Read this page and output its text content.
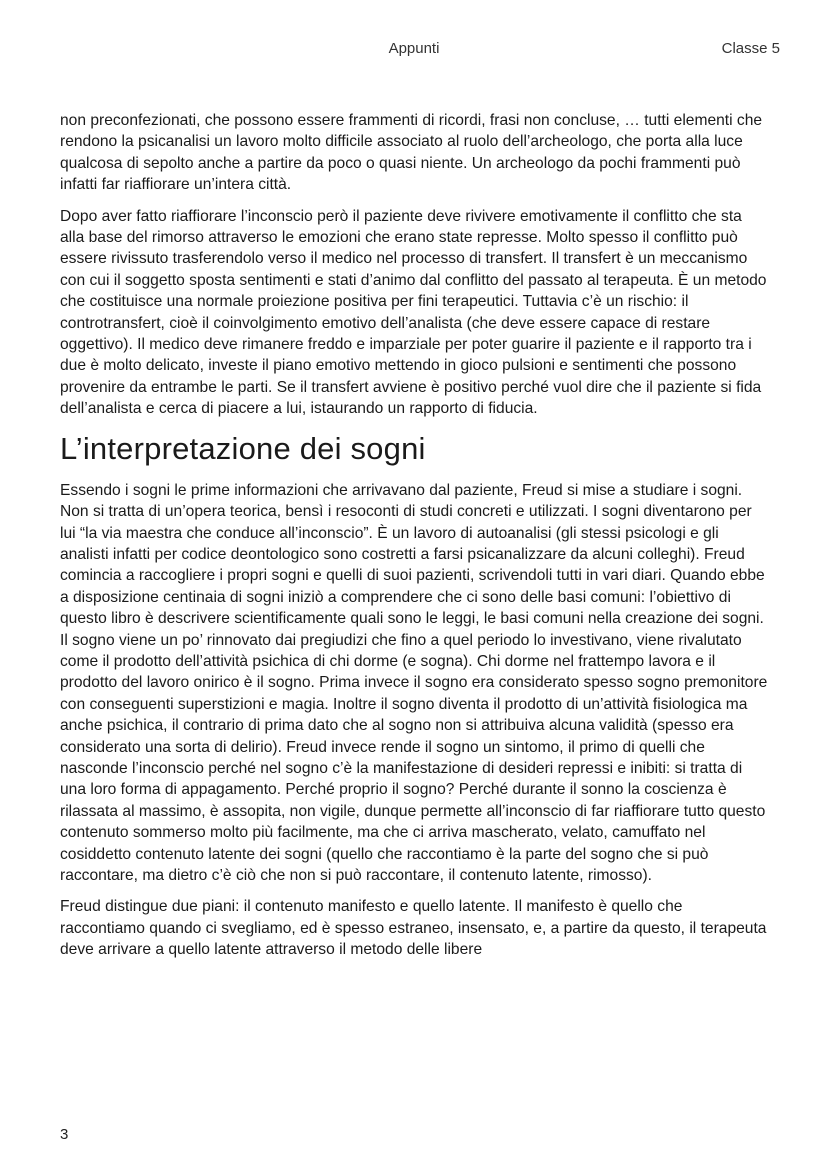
Appunti	Classe 5

non preconfezionati, che possono essere frammenti di ricordi, frasi non concluse, … tutti elementi che rendono la psicanalisi un lavoro molto difficile associato al ruolo dell’archeologo, che porta alla luce qualcosa di sepolto anche a partire da poco o quasi niente. Un archeologo da pochi frammenti può infatti far riaffiorare un’intera città.

Dopo aver fatto riaffiorare l’inconscio però il paziente deve rivivere emotivamente il conflitto che sta alla base del rimorso attraverso le emozioni che erano state represse. Molto spesso il conflitto può essere rivissuto trasferendolo verso il medico nel processo di transfert. Il transfert è un meccanismo con cui il soggetto sposta sentimenti e stati d’animo dal conflitto del passato al terapeuta. È un metodo che costituisce una normale proiezione positiva per fini terapeutici. Tuttavia c’è un rischio: il controtransfert, cioè il coinvolgimento emotivo dell’analista (che deve essere capace di restare oggettivo). Il medico deve rimanere freddo e imparziale per poter guarire il paziente e il rapporto tra i due è molto delicato, investe il piano emotivo mettendo in gioco pulsioni e sentimenti che possono provenire da entrambe le parti. Se il transfert avviene è positivo perché vuol dire che il paziente si fida dell’analista e cerca di piacere a lui, istaurando un rapporto di fiducia.

L’interpretazione dei sogni

Essendo i sogni le prime informazioni che arrivavano dal paziente, Freud si mise a studiare i sogni. Non si tratta di un’opera teorica, bensì i resoconti di studi concreti e utilizzati. I sogni diventarono per lui “la via maestra che conduce all’inconscio”. È un lavoro di autoanalisi (gli stessi psicologi e gli analisti infatti per codice deontologico sono costretti a farsi psicanalizzare da alcuni colleghi). Freud comincia a raccogliere i propri sogni e quelli di suoi pazienti, scrivendoli tutti in vari diari. Quando ebbe a disposizione centinaia di sogni iniziò a comprendere che ci sono delle basi comuni: l’obiettivo di questo libro è descrivere scientificamente quali sono le leggi, le basi comuni nella creazione dei sogni. Il sogno viene un po’ rinnovato dai pregiudizi che fino a quel periodo lo investivano, viene rivalutato come il prodotto dell’attività psichica di chi dorme (e sogna). Chi dorme nel frattempo lavora e il prodotto del lavoro onirico è il sogno. Prima invece il sogno era considerato spesso sogno premonitore con conseguenti superstizioni e magia. Inoltre il sogno diventa il prodotto di un’attività fisiologica ma anche psichica, il contrario di prima dato che al sogno non si attribuiva alcuna validità (spesso era considerato una sorta di delirio). Freud invece rende il sogno un sintomo, il primo di quelli che nasconde l’inconscio perché nel sogno c’è la manifestazione di desideri repressi e inibiti: si tratta di una loro forma di appagamento. Perché proprio il sogno? Perché durante il sonno la coscienza è rilassata al massimo, è assopita, non vigile, dunque permette all’inconscio di far riaffiorare tutto questo contenuto sommerso molto più facilmente, ma che ci arriva mascherato, velato, camuffato nel cosiddetto contenuto latente dei sogni (quello che raccontiamo è la parte del sogno che si può raccontare, ma dietro c’è ciò che non si può raccontare, il contenuto latente, rimosso).

Freud distingue due piani: il contenuto manifesto e quello latente. Il manifesto è quello che raccontiamo quando ci svegliamo, ed è spesso estraneo, insensato, e, a partire da questo, il terapeuta deve arrivare a quello latente attraverso il metodo delle libere

3
